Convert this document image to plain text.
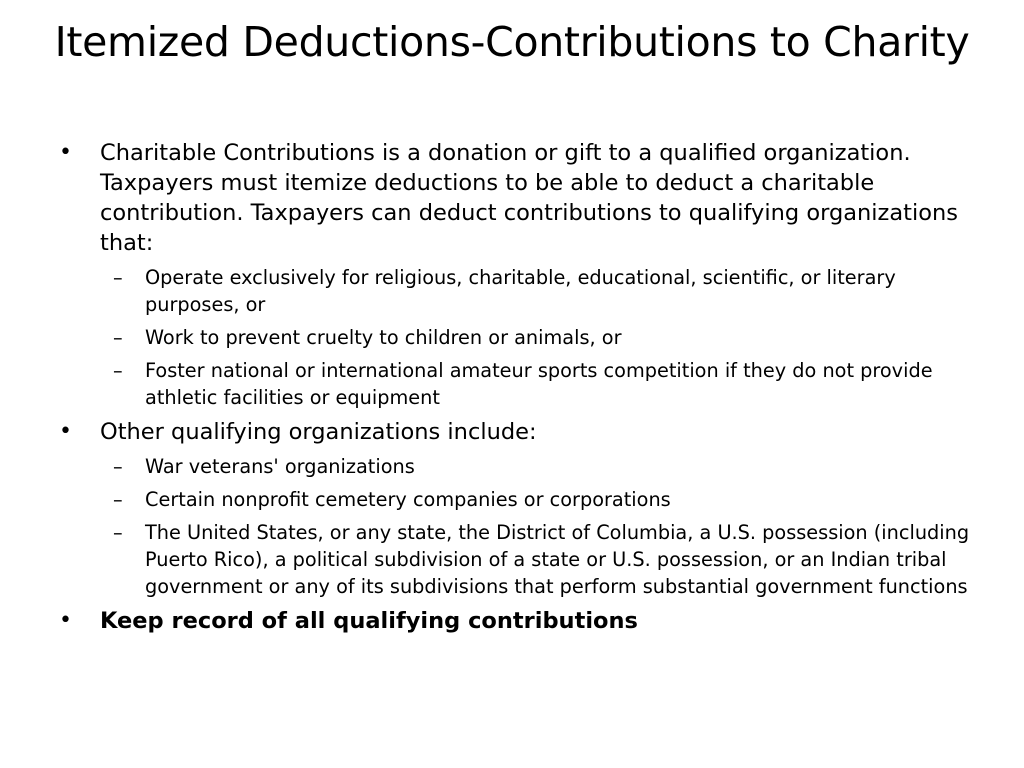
Itemized Deductions-Contributions to Charity
• Charitable Contributions is a donation or gift to a qualified organization. Taxpayers must itemize deductions to be able to deduct a charitable contribution. Taxpayers can deduct contributions to qualifying organizations that:
– Operate exclusively for religious, charitable, educational, scientific, or literary purposes, or
– Work to prevent cruelty to children or animals, or
– Foster national or international amateur sports competition if they do not provide athletic facilities or equipment
• Other qualifying organizations include:
– War veterans' organizations
– Certain nonprofit cemetery companies or corporations
– The United States, or any state, the District of Columbia, a U.S. possession (including Puerto Rico), a political subdivision of a state or U.S. possession, or an Indian tribal government or any of its subdivisions that perform substantial government functions
• Keep record of all qualifying contributions
